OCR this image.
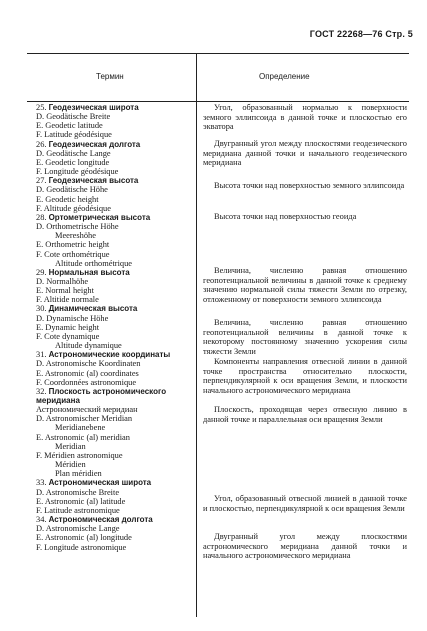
ГОСТ 22268—76 Стр. 5
Термин	Определение
25. Геодезическая широта
D. Geodätische Breite
E. Geodetic latitude
F. Latitude géodésique
26. Геодезическая долгота
D. Geodätische Lange
E. Geodetic longitude
F. Longitude géodésique
27. Геодезическая высота
D. Geodätische Höhe
E. Geodetic height
F. Altitude géodésique
28. Ортометрическая высота
D. Orthometrische Höhe
Meereshöhe
E. Orthometric height
F. Cote orthométrique
Altitude orthométrique
29. Нормальная высота
D. Normalhöhe
E. Normal height
F. Altitide normale
30. Динамическая высота
D. Dynamische Höhe
E. Dynamic height
F. Cote dynamique
Altitude dynamique
31. Астрономические координаты
D. Astronomische Koordinaten
E. Astronomic (al) coordinates
F. Coordonnées astronomique
32. Плоскость астрономического меридиана
Астрономический меридиан
D. Astronomischer Meridian
Meridianebene
E. Astronomic (al) meridian
Meridian
F. Méridien astronomique
Méridien
Plan méridien
33. Астрономическая широта
D. Astronomische Breite
E. Astronomic (al) latitude
F. Latitude astronomique
34. Астрономическая долгота
D. Astronomische Lange
E. Astronomic (al) longitude
F. Longitude astronomique

Угол, образованный нормалью к поверхности земного эллипсоида в данной точке и плоскостью его экватора

Двугранный угол между плоскостями геодезического меридиана данной точки и начального геодезического меридиана

Высота точки над поверхностью земного эллипсоида

Высота точки над поверхностью геоида

Величина, численно равная отношению геопотенциальной величины в данной точке к среднему значению нормальной силы тяжести Земли по отрезку, отложенному от поверхности земного эллипсоида

Величина, численно равная отношению геопотенциальной величины в данной точке к некоторому постоянному значению ускорения силы тяжести Земли

Компоненты направления отвесной линии в данной точке пространства относительно плоскости, перпендикулярной к оси вращения Земли, и плоскости начального астрономического меридиана

Плоскость, проходящая через отвесную линию в данной точке и параллельная оси вращения Земли

Угол, образованный отвесной линией в данной точке и плоскостью, перпендикулярной к оси вращения Земли

Двугранный угол между плоскостями астрономического меридиана данной точки и начального астрономического меридиана
